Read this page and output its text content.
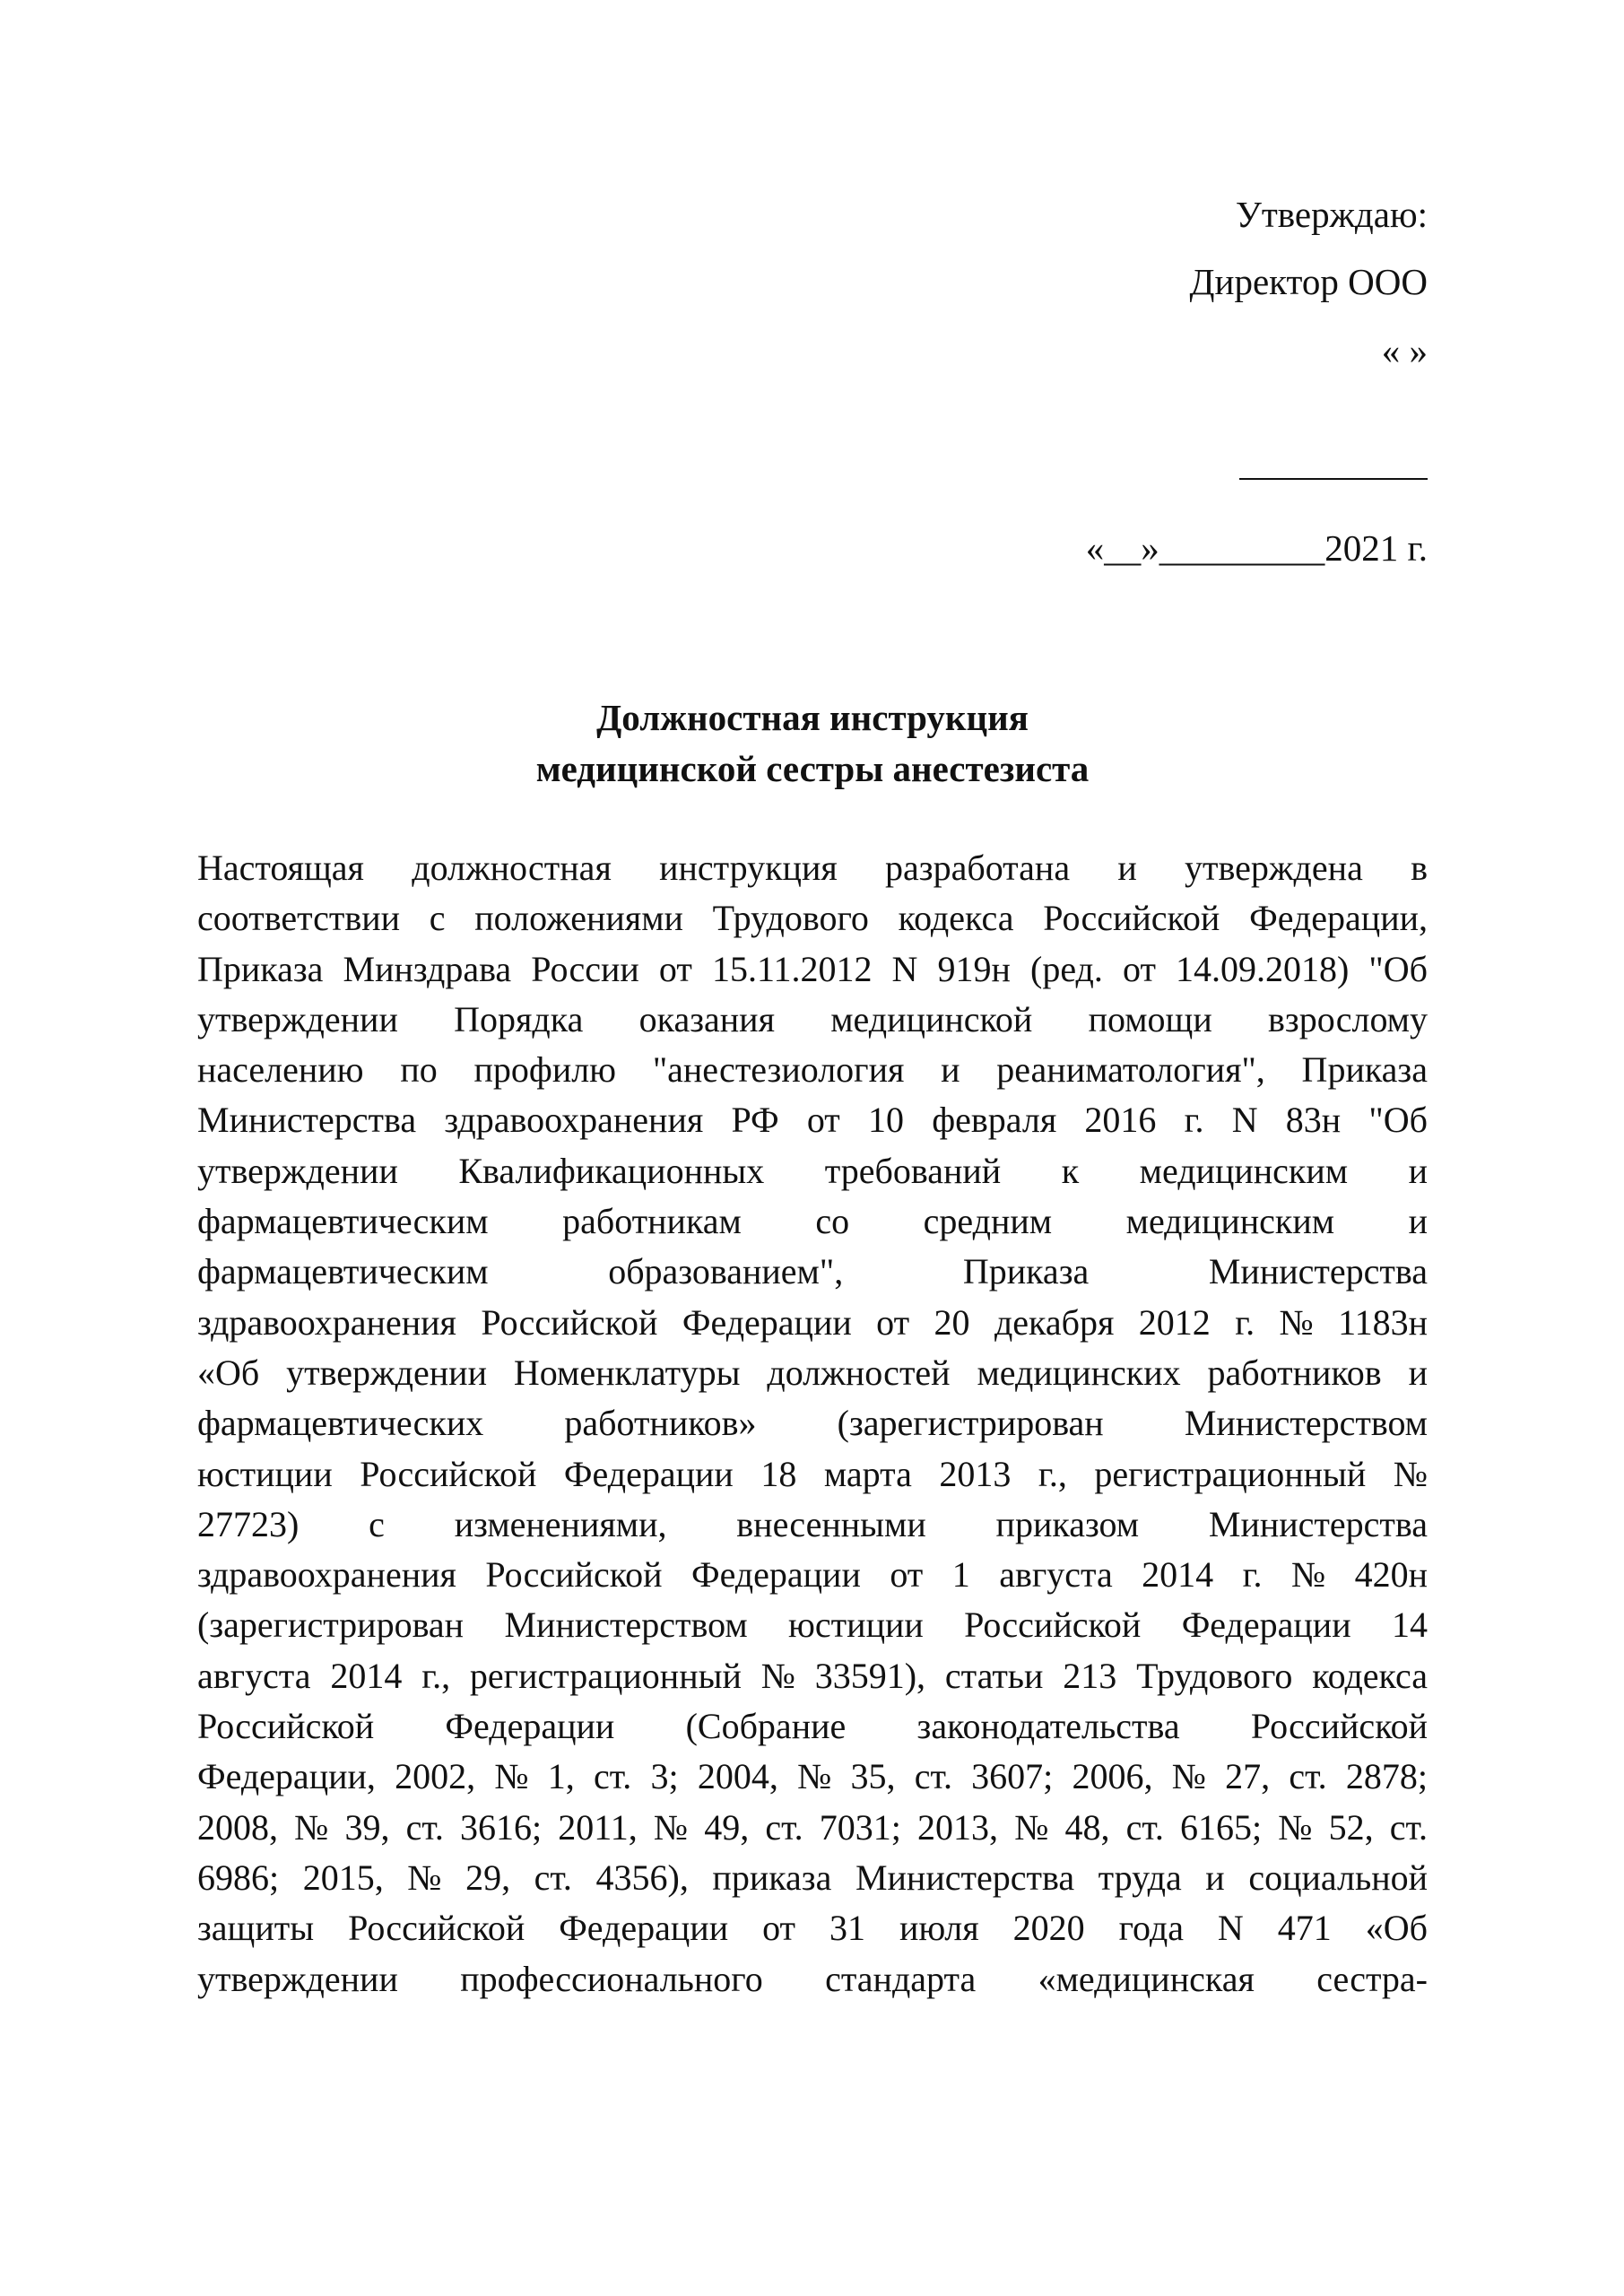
Утверждаю:
Директор ООО
« »
«__»_________2021 г.
Должностная инструкция
медицинской сестры анестезиста
Настоящая должностная инструкция разработана и утверждена в
соответствии с положениями Трудового кодекса Российской Федерации,
Приказа Минздрава России от 15.11.2012 N 919н (ред. от 14.09.2018) "Об
утверждении Порядка оказания медицинской помощи взрослому
населению по профилю "анестезиология и реаниматология", Приказа
Министерства здравоохранения РФ от 10 февраля 2016 г. N 83н "Об
утверждении Квалификационных требований к медицинским и
фармацевтическим работникам со средним медицинским и
фармацевтическим образованием", Приказа Министерства
здравоохранения Российской Федерации от 20 декабря 2012 г. № 1183н
«Об утверждении Номенклатуры должностей медицинских работников и
фармацевтических работников» (зарегистрирован Министерством
юстиции Российской Федерации 18 марта 2013 г., регистрационный №
27723) с изменениями, внесенными приказом Министерства
здравоохранения Российской Федерации от 1 августа 2014 г. № 420н
(зарегистрирован Министерством юстиции Российской Федерации 14
августа 2014 г., регистрационный № 33591), статьи 213 Трудового кодекса
Российской Федерации (Собрание законодательства Российской
Федерации, 2002, № 1, ст. 3; 2004, № 35, ст. 3607; 2006, № 27, ст. 2878;
2008, № 39, ст. 3616; 2011, № 49, ст. 7031; 2013, № 48, ст. 6165; № 52, ст.
6986; 2015, № 29, ст. 4356), приказа Министерства труда и социальной
защиты Российской Федерации от 31 июля 2020 года N 471 «Об
утверждении профессионального стандарта «медицинская сестра-
